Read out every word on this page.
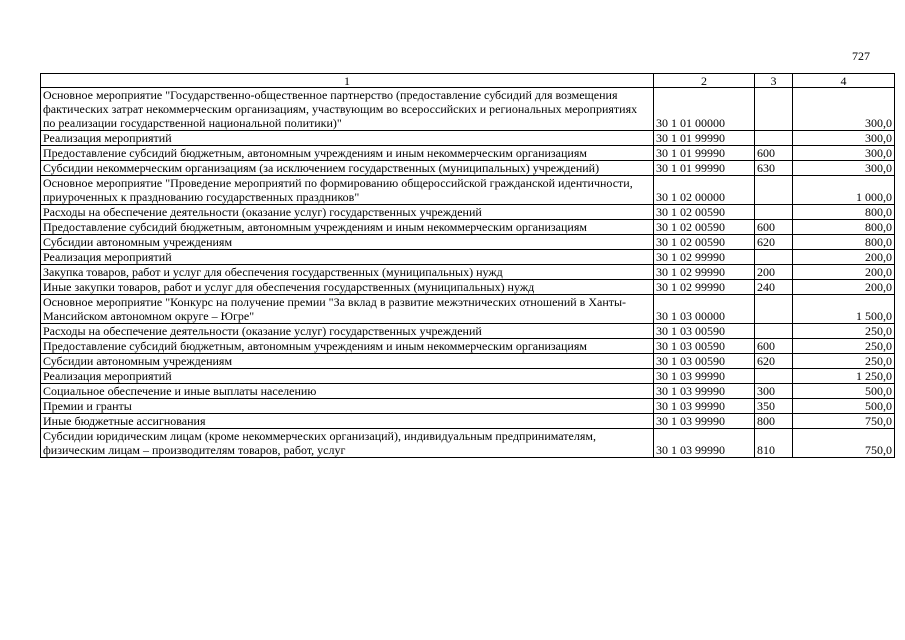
727
1	2	3	4
Основное мероприятие "Государственно-общественное партнерство (предоставление субсидий для возмещения фактических затрат некоммерческим организациям, участвующим во всероссийских и региональных мероприятиях по реализации государственной национальной политики)"	30 1 01 00000		300,0
Реализация мероприятий	30 1 01 99990		300,0
Предоставление субсидий бюджетным, автономным учреждениям и иным некоммерческим организациям	30 1 01 99990	600	300,0
Субсидии некоммерческим организациям (за исключением государственных (муниципальных) учреждений)	30 1 01 99990	630	300,0
Основное мероприятие "Проведение мероприятий по формированию общероссийской гражданской идентичности, приуроченных к празднованию государственных праздников"	30 1 02 00000		1 000,0
Расходы на обеспечение деятельности (оказание услуг) государственных учреждений	30 1 02 00590		800,0
Предоставление субсидий бюджетным, автономным учреждениям и иным некоммерческим организациям	30 1 02 00590	600	800,0
Субсидии автономным учреждениям	30 1 02 00590	620	800,0
Реализация мероприятий	30 1 02 99990		200,0
Закупка товаров, работ и услуг для обеспечения государственных (муниципальных) нужд	30 1 02 99990	200	200,0
Иные закупки товаров, работ и услуг для обеспечения государственных (муниципальных) нужд	30 1 02 99990	240	200,0
Основное мероприятие "Конкурс на получение премии "За вклад в развитие межэтнических отношений в Ханты-Мансийском автономном округе – Югре"	30 1 03 00000		1 500,0
Расходы на обеспечение деятельности (оказание услуг) государственных учреждений	30 1 03 00590		250,0
Предоставление субсидий бюджетным, автономным учреждениям и иным некоммерческим организациям	30 1 03 00590	600	250,0
Субсидии автономным учреждениям	30 1 03 00590	620	250,0
Реализация мероприятий	30 1 03 99990		1 250,0
Социальное обеспечение и иные выплаты населению	30 1 03 99990	300	500,0
Премии и гранты	30 1 03 99990	350	500,0
Иные бюджетные ассигнования	30 1 03 99990	800	750,0
Субсидии юридическим лицам (кроме некоммерческих организаций), индивидуальным предпринимателям, физическим лицам – производителям товаров, работ, услуг	30 1 03 99990	810	750,0
